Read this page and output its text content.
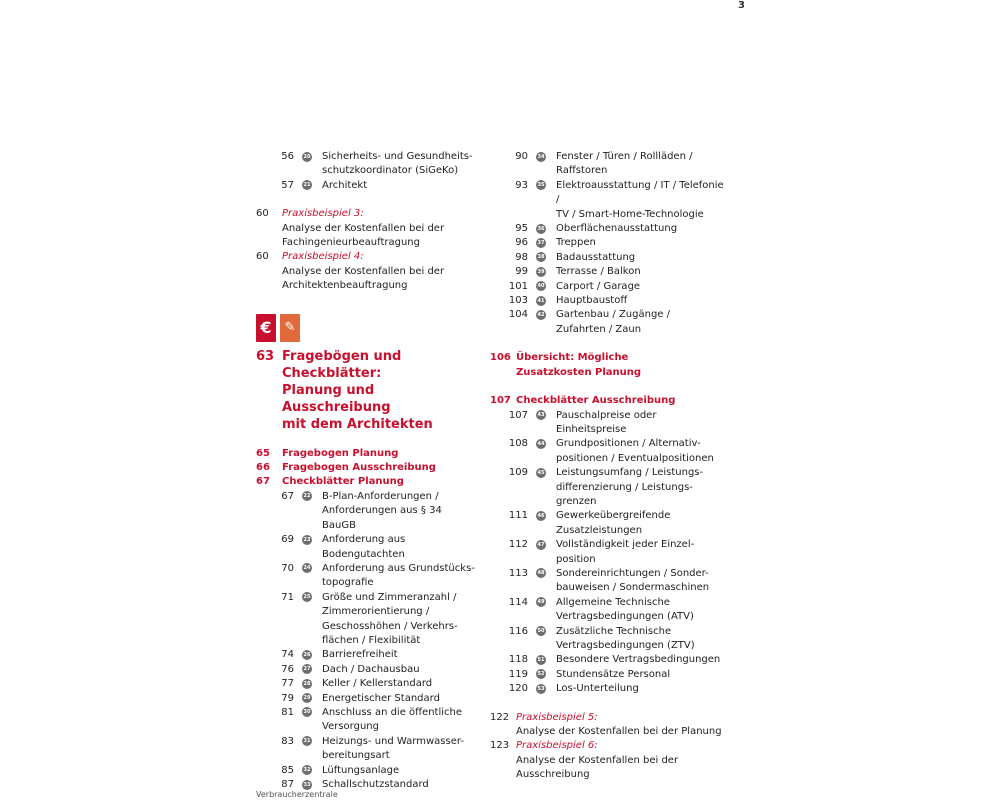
3
56	20 Sicherheits- und Gesundheits-
schutzkoordinator (SiGeKo)
57	21 Architekt
60 Praxisbeispiel 3:
Analyse der Kostenfallen bei der
Fachingenieurbeauftragung
60 Praxisbeispiel 4:
Analyse der Kostenfallen bei der
Architektenbeauftragung
€ ✎
63 Fragebögen und Checkblätter:
Planung und Ausschreibung
mit dem Architekten
65 Fragebogen Planung
66 Fragebogen Ausschreibung
67 Checkblätter Planung
67	22 B-Plan-Anforderungen /
Anforderungen aus § 34 BauGB
69	23 Anforderung aus Bodengutachten
70	24 Anforderung aus Grundstücks-
topografie
71	25 Größe und Zimmeranzahl /
Zimmerorientierung /
Geschosshöhen / Verkehrs-
flächen / Flexibilität
74	26 Barrierefreiheit
76	27 Dach / Dachausbau
77	28 Keller / Kellerstandard
79	29 Energetischer Standard
81	30 Anschluss an die öffentliche
Versorgung
83	31 Heizungs- und Warmwasser-
bereitungsart
85	32 Lüftungsanlage
87	33 Schallschutzstandard
90	34 Fenster / Türen / Rollläden /
Raffstoren
93	35 Elektroausstattung / IT / Telefonie /
TV / Smart-Home-Technologie
95	36 Oberflächenausstattung
96	37 Treppen
98	38 Badausstattung
99	39 Terrasse / Balkon
101	40 Carport / Garage
103	41 Hauptbaustoff
104	42 Gartenbau / Zugänge /
Zufahrten / Zaun
106 Übersicht: Mögliche
Zusatzkosten Planung
107 Checkblätter Ausschreibung
107	43 Pauschalpreise oder
Einheitspreise
108	44 Grundpositionen / Alternativ-
positionen / Eventualpositionen
109	45 Leistungsumfang / Leistungs-
differenzierung / Leistungs-
grenzen
111	46 Gewerkeübergreifende
Zusatzleistungen
112	47 Vollständigkeit jeder Einzel-
position
113	48 Sondereinrichtungen / Sonder-
bauweisen / Sondermaschinen
114	49 Allgemeine Technische
Vertragsbedingungen (ATV)
116	50 Zusätzliche Technische
Vertragsbedingungen (ZTV)
118	51 Besondere Vertragsbedingungen
119	52 Stundensätze Personal
120	53 Los-Unterteilung
122 Praxisbeispiel 5:
Analyse der Kostenfallen bei der Planung
123 Praxisbeispiel 6:
Analyse der Kostenfallen bei der
Ausschreibung
Verbraucherzentrale
